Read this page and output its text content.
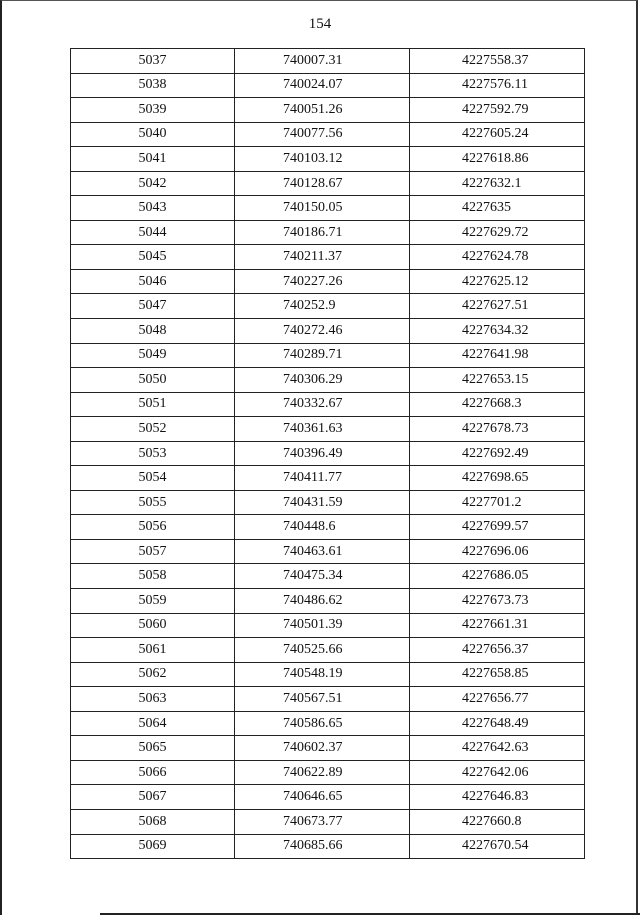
154
5037	740007.31	4227558.37
5038	740024.07	4227576.11
5039	740051.26	4227592.79
5040	740077.56	4227605.24
5041	740103.12	4227618.86
5042	740128.67	4227632.1
5043	740150.05	4227635
5044	740186.71	4227629.72
5045	740211.37	4227624.78
5046	740227.26	4227625.12
5047	740252.9	4227627.51
5048	740272.46	4227634.32
5049	740289.71	4227641.98
5050	740306.29	4227653.15
5051	740332.67	4227668.3
5052	740361.63	4227678.73
5053	740396.49	4227692.49
5054	740411.77	4227698.65
5055	740431.59	4227701.2
5056	740448.6	4227699.57
5057	740463.61	4227696.06
5058	740475.34	4227686.05
5059	740486.62	4227673.73
5060	740501.39	4227661.31
5061	740525.66	4227656.37
5062	740548.19	4227658.85
5063	740567.51	4227656.77
5064	740586.65	4227648.49
5065	740602.37	4227642.63
5066	740622.89	4227642.06
5067	740646.65	4227646.83
5068	740673.77	4227660.8
5069	740685.66	4227670.54
